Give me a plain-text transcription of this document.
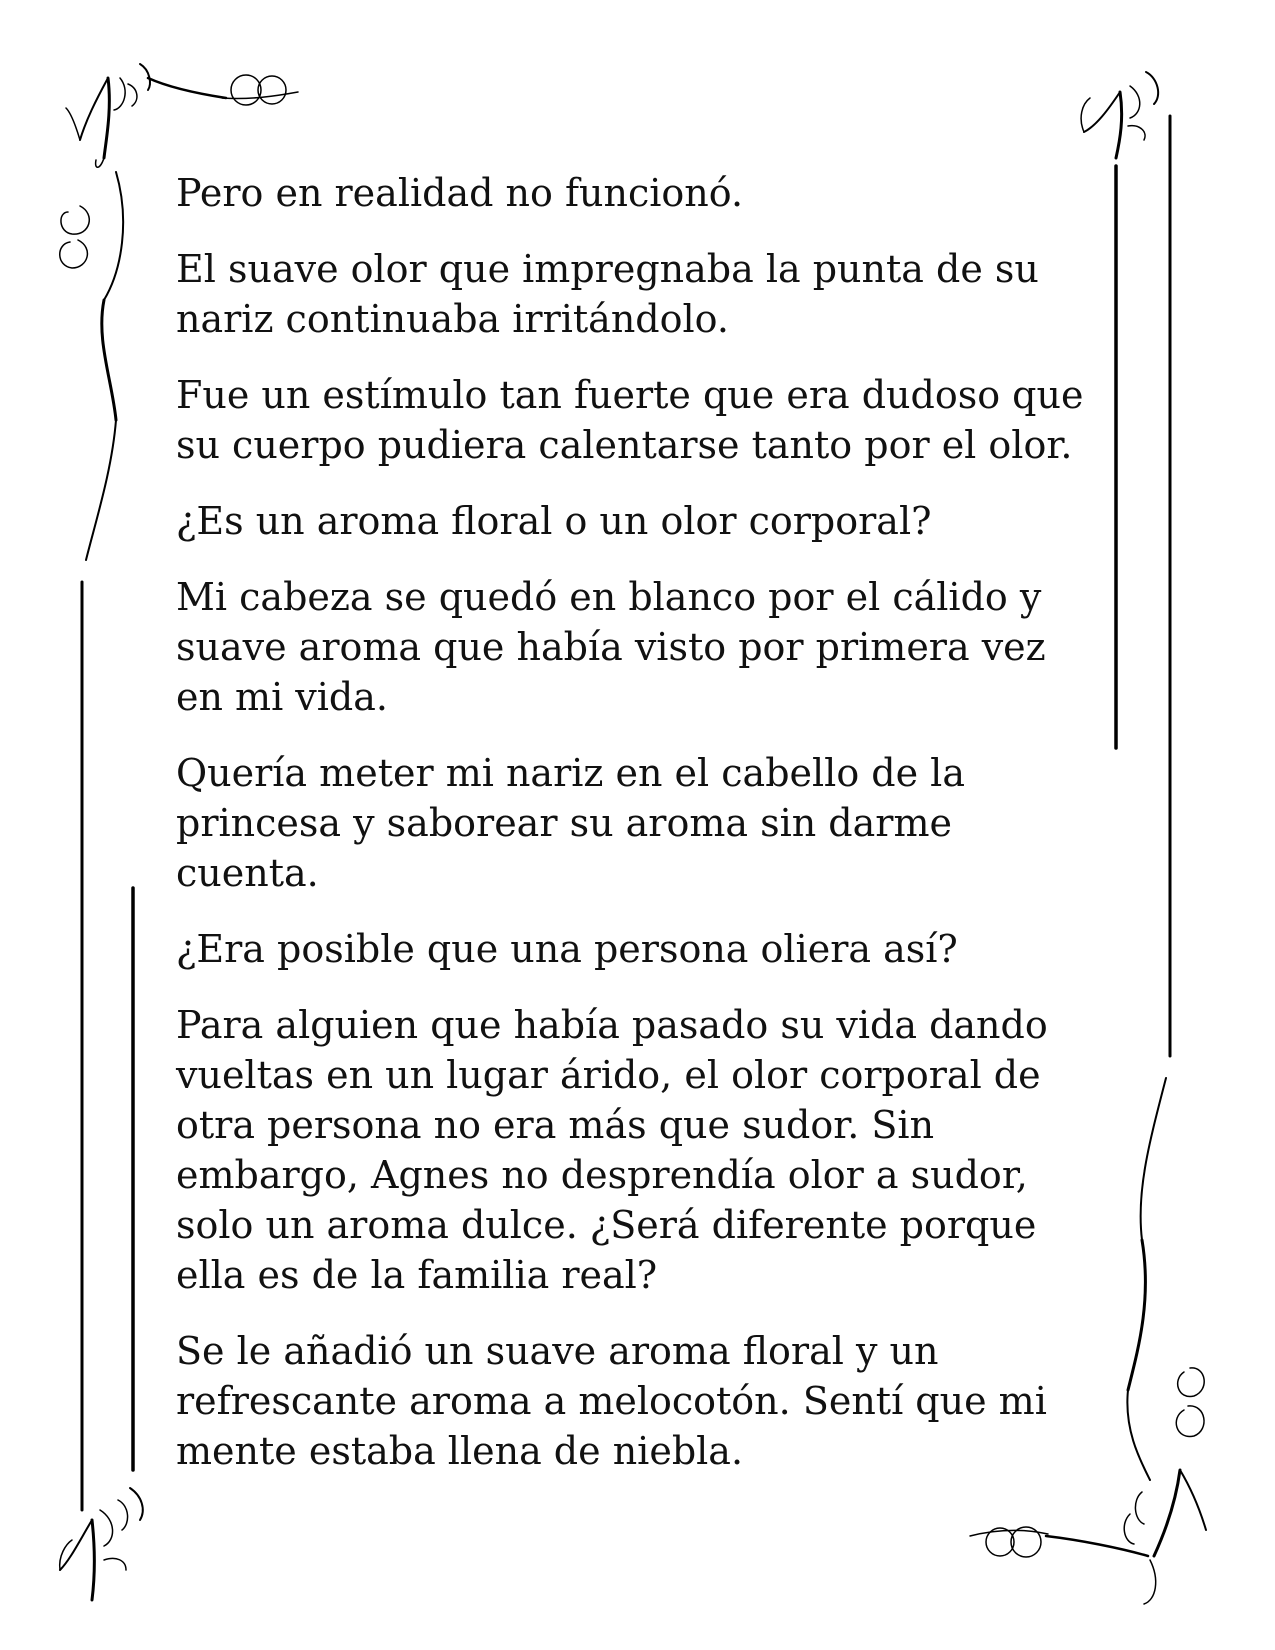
Pero en realidad no funcionó.

El suave olor que impregnaba la punta de su
nariz continuaba irritándolo.

Fue un estímulo tan fuerte que era dudoso que
su cuerpo pudiera calentarse tanto por el olor.

¿Es un aroma floral o un olor corporal?

Mi cabeza se quedó en blanco por el cálido y
suave aroma que había visto por primera vez
en mi vida.

Quería meter mi nariz en el cabello de la
princesa y saborear su aroma sin darme
cuenta.

¿Era posible que una persona oliera así?

Para alguien que había pasado su vida dando
vueltas en un lugar árido, el olor corporal de
otra persona no era más que sudor. Sin
embargo, Agnes no desprendía olor a sudor,
solo un aroma dulce. ¿Será diferente porque
ella es de la familia real?

Se le añadió un suave aroma floral y un
refrescante aroma a melocotón. Sentí que mi
mente estaba llena de niebla.
